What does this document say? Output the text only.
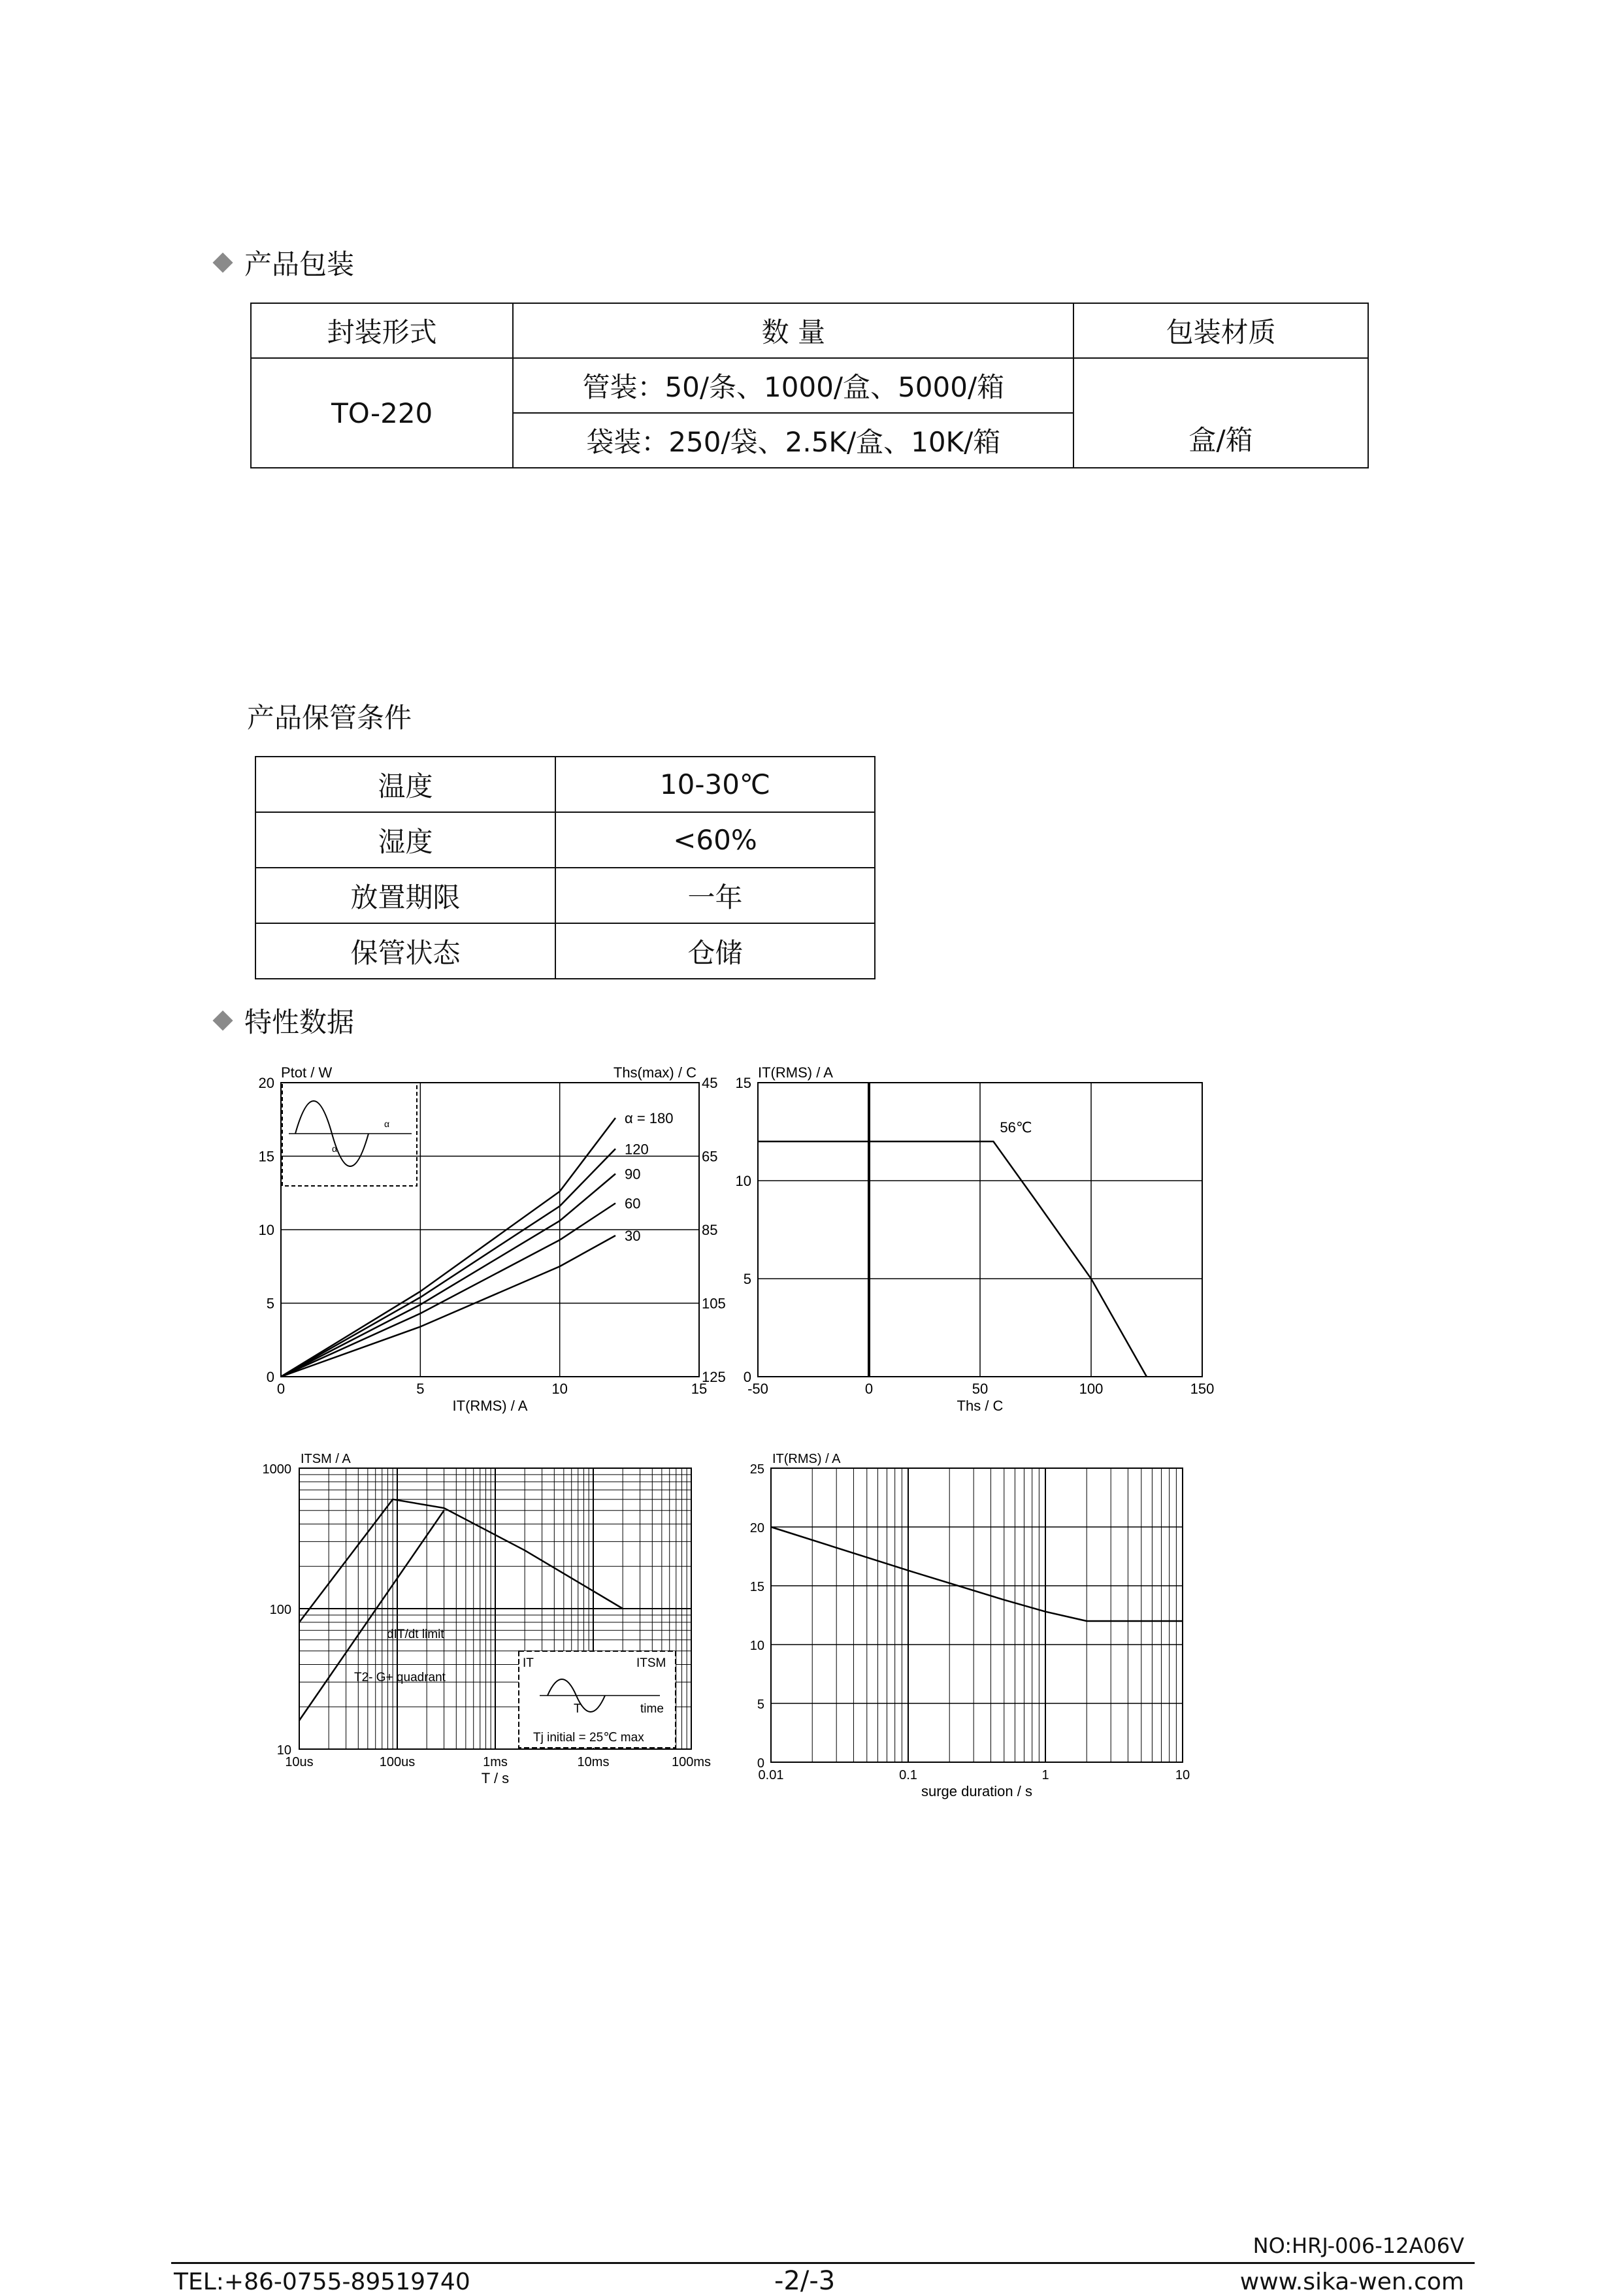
产品包装
封装形式	数 量	包装材质
TO-220	管装：50/条、1000/盒、5000/箱	盒/箱
	袋装：250/袋、2.5K/盒、10K/箱	
产品保管条件
温度	10-30℃
湿度	<60%
放置期限	一年
保管状态	仓储
特性数据
α
α
0	5	10	15
0
5
10
15
20
125
105
85
65
45
IT(RMS) / A
Ptot / W	Ths(max) / C
α = 180
120
90
60
30
-50	0	50	100	150
0
5
10
15
Ths / C
IT(RMS) / A
56℃
10us	100us	1ms	10ms	100ms
10
100
1000
T / s
ITSM / A
dIT/dt limit
T2- G+ quadrant
IT	ITSM
T	time
Tj initial = 25℃ max
0.01	0.1	1	10
0
5
10
15
20
25
surge duration / s
IT(RMS) / A
NO:HRJ-006-12A06V
TEL:+86-0755-89519740	-2/-3	www.sika-wen.com
